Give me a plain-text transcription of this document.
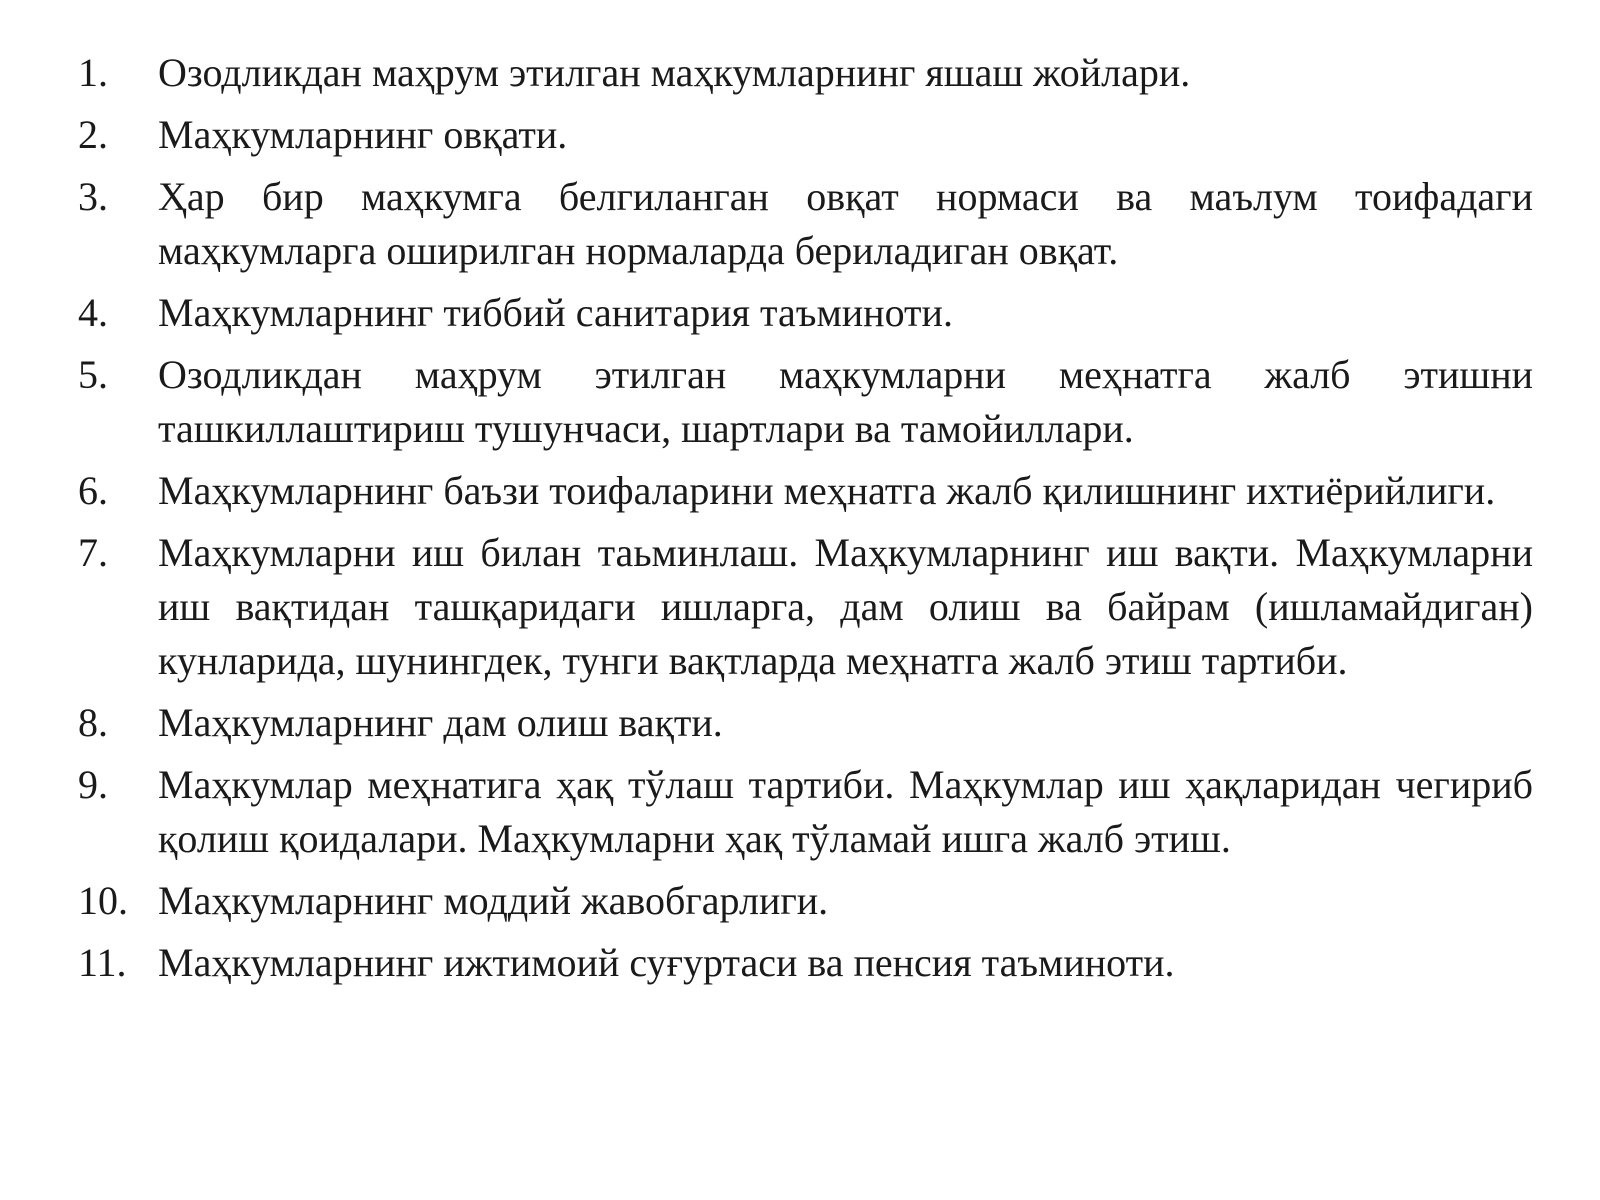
1.	Озодликдан маҳрум этилган маҳкумларнинг яшаш жойлари.
2.	Маҳкумларнинг овқати.
3.	Ҳар бир маҳкумга белгиланган овқат нормаси ва маълум тоифадаги маҳкумларга оширилган нормаларда бериладиган овқат.
4.	Маҳкумларнинг тиббий санитария таъминоти.
5.	Озодликдан маҳрум этилган маҳкумларни меҳнатга жалб этишни ташкиллаштириш тушунчаси, шартлари ва тамойиллари.
6.	Маҳкумларнинг баъзи тоифаларини меҳнатга жалб қилишнинг ихтиёрийлиги.
7.	Маҳкумларни иш билан таьминлаш. Маҳкумларнинг иш вақти. Маҳкумларни иш вақтидан ташқаридаги ишларга, дам олиш ва байрам (ишламайдиган) кунларида, шунингдек, тунги вақтларда меҳнатга жалб этиш тартиби.
8.	Маҳкумларнинг дам олиш вақти.
9.	Маҳкумлар меҳнатига ҳақ тўлаш тартиби. Маҳкумлар иш ҳақларидан чегириб қолиш қоидалари. Маҳкумларни ҳақ тўламай ишга жалб этиш.
10. Маҳкумларнинг моддий жавобгарлиги.
11. Маҳкумларнинг ижтимоий суғуртаси ва пенсия таъминоти.
